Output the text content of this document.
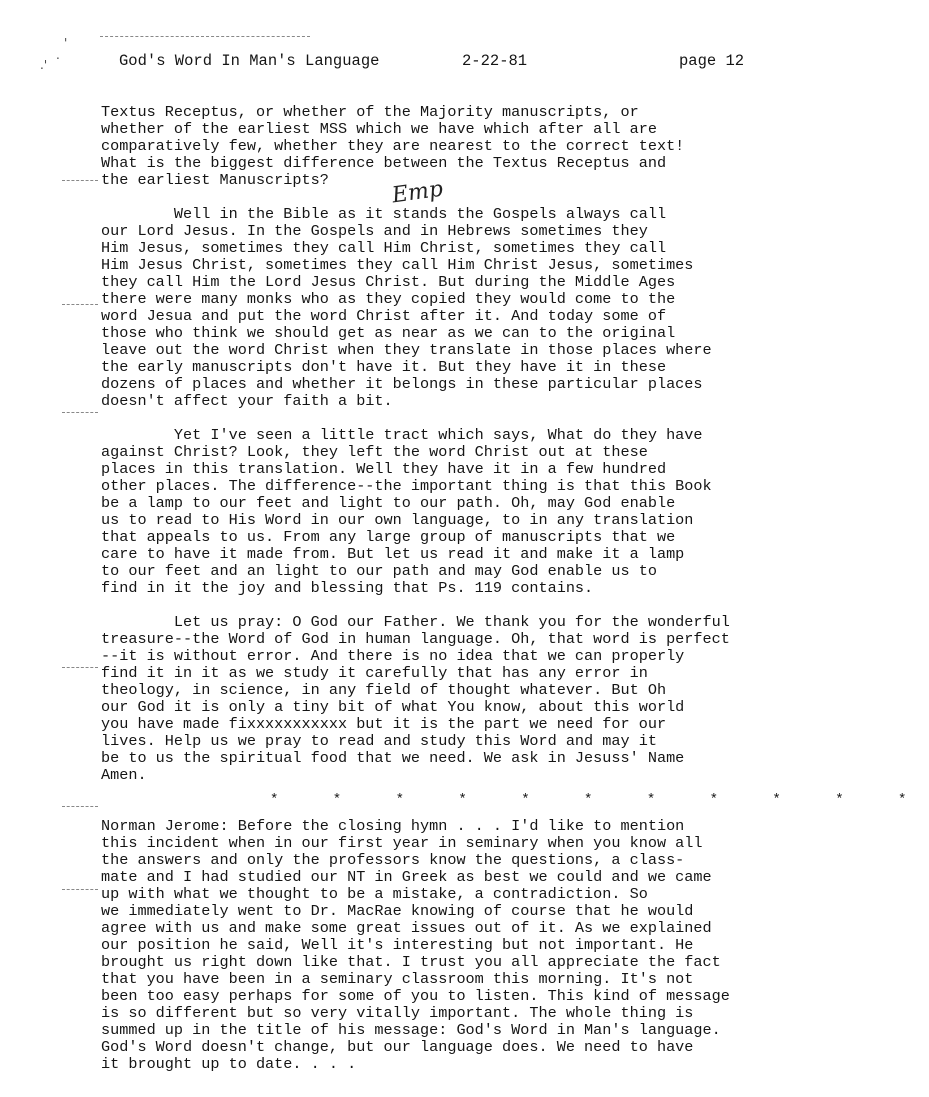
'
.
.'	God's Word In Man's Language	2-22-81	page 12
Emp
Textus Receptus, or whether of the Majority manuscripts, or
whether of the earliest MSS which we have which after all are
comparatively few, whether they are nearest to the correct text!
What is the biggest difference between the Textus Receptus and
the earliest Manuscripts?
Well in the Bible as it stands the Gospels always call
our Lord Jesus. In the Gospels and in Hebrews sometimes they
Him Jesus, sometimes they call Him Christ, sometimes they call
Him Jesus Christ, sometimes they call Him Christ Jesus, sometimes
they call Him the Lord Jesus Christ. But during the Middle Ages
there were many monks who as they copied they would come to the
word Jesua and put the word Christ after it. And today some of
those who think we should get as near as we can to the original
leave out the word Christ when they translate in those places where
the early manuscripts don't have it. But they have it in these
dozens of places and whether it belongs in these particular places
doesn't affect your faith a bit.
Yet I've seen a little tract which says, What do they have
against Christ? Look, they left the word Christ out at these
places in this translation. Well they have it in a few hundred
other places. The difference--the important thing is that this Book
be a lamp to our feet and light to our path. Oh, may God enable
us to read to His Word in our own language, to in any translation
that appeals to us. From any large group of manuscripts that we
care to have it made from. But let us read it and make it a lamp
to our feet and an light to our path and may God enable us to
find in it the joy and blessing that Ps. 119 contains.
Let us pray: O God our Father. We thank you for the wonderful
treasure--the Word of God in human language. Oh, that word is perfect
--it is without error. And there is no idea that we can properly
find it in it as we study it carefully that has any error in
theology, in science, in any field of thought whatever. But Oh
our God it is only a tiny bit of what You know, about this world
you have made fixxxxxxxxxxx but it is the part we need for our
lives. Help us we pray to read and study this Word and may it
be to us the spiritual food that we need. We ask in Jesuss' Name
Amen.
Norman Jerome: Before the closing hymn . . . I'd like to mention
this incident when in our first year in seminary when you know all
the answers and only the professors know the questions, a class-
mate and I had studied our NT in Greek as best we could and we came
up with what we thought to be a mistake, a contradiction. So
we immediately went to Dr. MacRae knowing of course that he would
agree with us and make some great issues out of it. As we explained
our position he said, Well it's interesting but not important. He
brought us right down like that. I trust you all appreciate the fact
that you have been in a seminary classroom this morning. It's not
been too easy perhaps for some of you to listen. This kind of message
is so different but so very vitally important. The whole thing is
summed up in the title of his message: God's Word in Man's language.
God's Word doesn't change, but our language does. We need to have
it brought up to date. . . .
* * * * * * * * * * *
